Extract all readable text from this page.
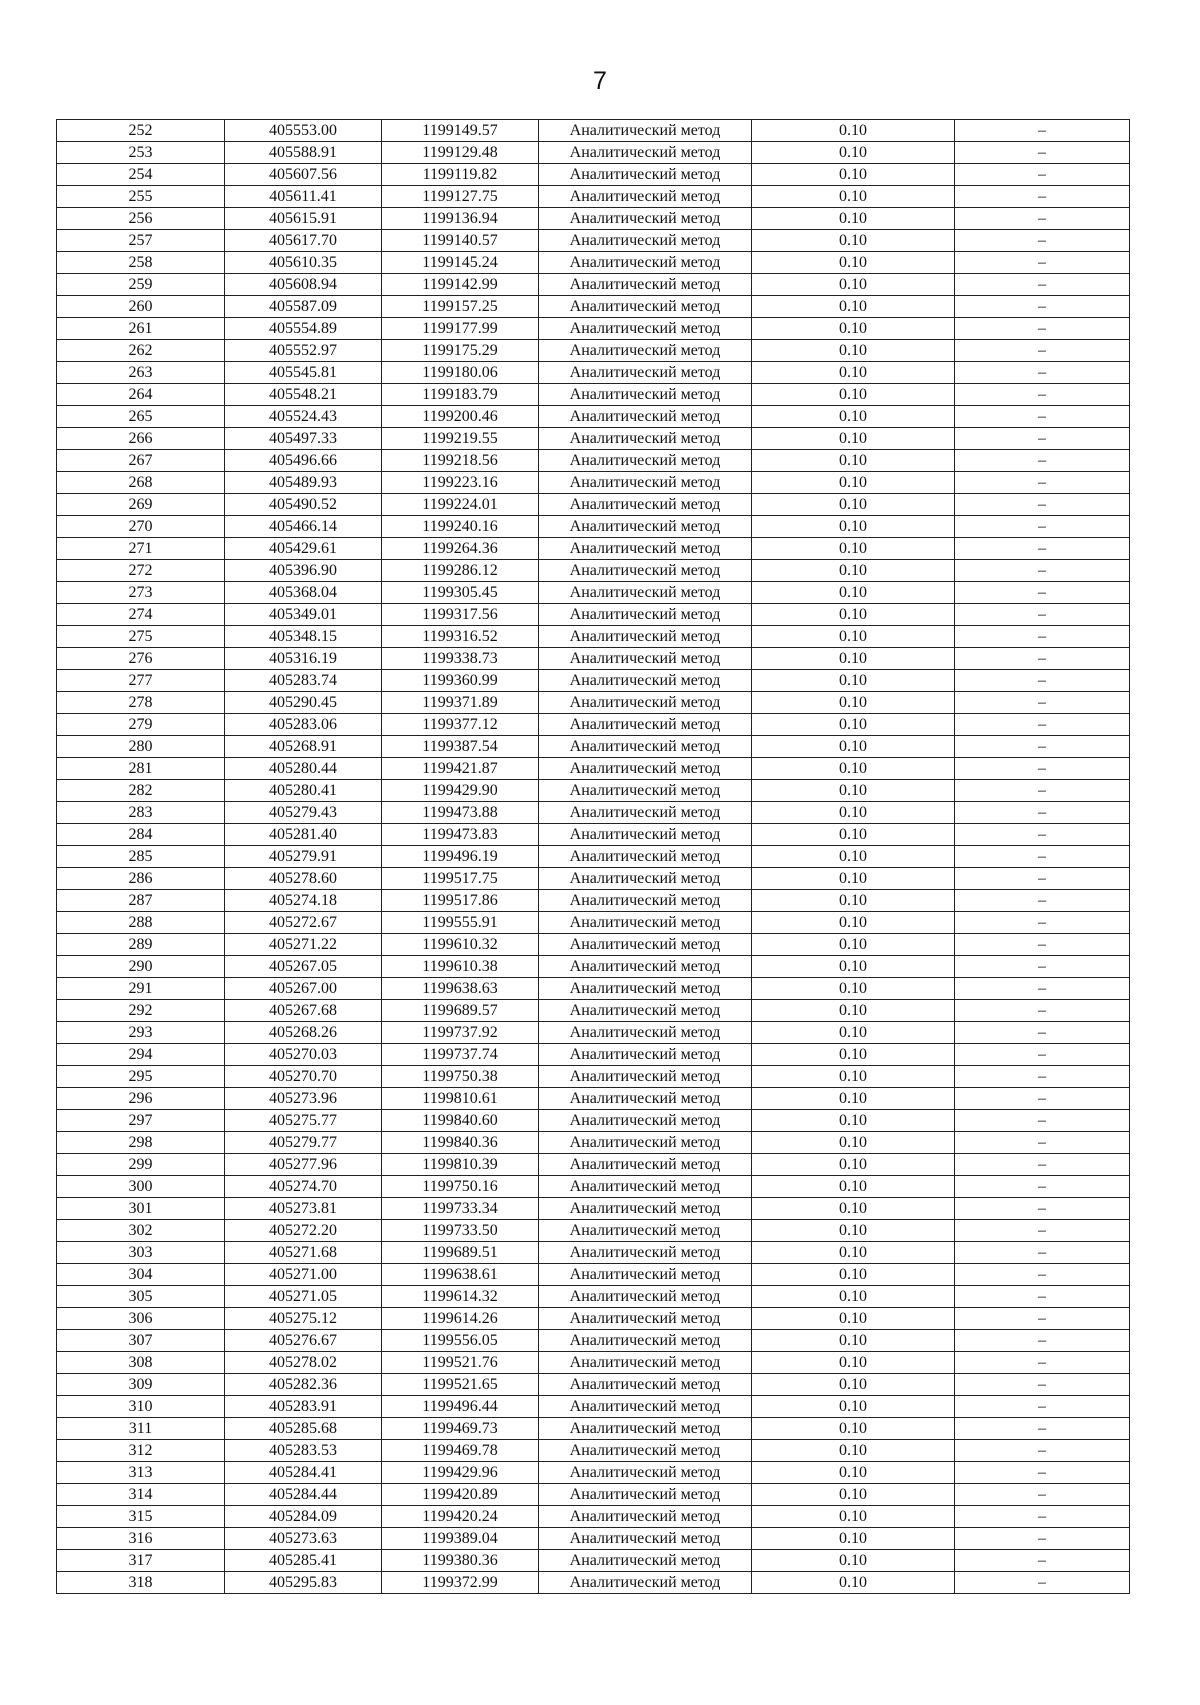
7
252	405553.00	1199149.57	Аналитический метод	0.10	–
253	405588.91	1199129.48	Аналитический метод	0.10	–
254	405607.56	1199119.82	Аналитический метод	0.10	–
255	405611.41	1199127.75	Аналитический метод	0.10	–
256	405615.91	1199136.94	Аналитический метод	0.10	–
257	405617.70	1199140.57	Аналитический метод	0.10	–
258	405610.35	1199145.24	Аналитический метод	0.10	–
259	405608.94	1199142.99	Аналитический метод	0.10	–
260	405587.09	1199157.25	Аналитический метод	0.10	–
261	405554.89	1199177.99	Аналитический метод	0.10	–
262	405552.97	1199175.29	Аналитический метод	0.10	–
263	405545.81	1199180.06	Аналитический метод	0.10	–
264	405548.21	1199183.79	Аналитический метод	0.10	–
265	405524.43	1199200.46	Аналитический метод	0.10	–
266	405497.33	1199219.55	Аналитический метод	0.10	–
267	405496.66	1199218.56	Аналитический метод	0.10	–
268	405489.93	1199223.16	Аналитический метод	0.10	–
269	405490.52	1199224.01	Аналитический метод	0.10	–
270	405466.14	1199240.16	Аналитический метод	0.10	–
271	405429.61	1199264.36	Аналитический метод	0.10	–
272	405396.90	1199286.12	Аналитический метод	0.10	–
273	405368.04	1199305.45	Аналитический метод	0.10	–
274	405349.01	1199317.56	Аналитический метод	0.10	–
275	405348.15	1199316.52	Аналитический метод	0.10	–
276	405316.19	1199338.73	Аналитический метод	0.10	–
277	405283.74	1199360.99	Аналитический метод	0.10	–
278	405290.45	1199371.89	Аналитический метод	0.10	–
279	405283.06	1199377.12	Аналитический метод	0.10	–
280	405268.91	1199387.54	Аналитический метод	0.10	–
281	405280.44	1199421.87	Аналитический метод	0.10	–
282	405280.41	1199429.90	Аналитический метод	0.10	–
283	405279.43	1199473.88	Аналитический метод	0.10	–
284	405281.40	1199473.83	Аналитический метод	0.10	–
285	405279.91	1199496.19	Аналитический метод	0.10	–
286	405278.60	1199517.75	Аналитический метод	0.10	–
287	405274.18	1199517.86	Аналитический метод	0.10	–
288	405272.67	1199555.91	Аналитический метод	0.10	–
289	405271.22	1199610.32	Аналитический метод	0.10	–
290	405267.05	1199610.38	Аналитический метод	0.10	–
291	405267.00	1199638.63	Аналитический метод	0.10	–
292	405267.68	1199689.57	Аналитический метод	0.10	–
293	405268.26	1199737.92	Аналитический метод	0.10	–
294	405270.03	1199737.74	Аналитический метод	0.10	–
295	405270.70	1199750.38	Аналитический метод	0.10	–
296	405273.96	1199810.61	Аналитический метод	0.10	–
297	405275.77	1199840.60	Аналитический метод	0.10	–
298	405279.77	1199840.36	Аналитический метод	0.10	–
299	405277.96	1199810.39	Аналитический метод	0.10	–
300	405274.70	1199750.16	Аналитический метод	0.10	–
301	405273.81	1199733.34	Аналитический метод	0.10	–
302	405272.20	1199733.50	Аналитический метод	0.10	–
303	405271.68	1199689.51	Аналитический метод	0.10	–
304	405271.00	1199638.61	Аналитический метод	0.10	–
305	405271.05	1199614.32	Аналитический метод	0.10	–
306	405275.12	1199614.26	Аналитический метод	0.10	–
307	405276.67	1199556.05	Аналитический метод	0.10	–
308	405278.02	1199521.76	Аналитический метод	0.10	–
309	405282.36	1199521.65	Аналитический метод	0.10	–
310	405283.91	1199496.44	Аналитический метод	0.10	–
311	405285.68	1199469.73	Аналитический метод	0.10	–
312	405283.53	1199469.78	Аналитический метод	0.10	–
313	405284.41	1199429.96	Аналитический метод	0.10	–
314	405284.44	1199420.89	Аналитический метод	0.10	–
315	405284.09	1199420.24	Аналитический метод	0.10	–
316	405273.63	1199389.04	Аналитический метод	0.10	–
317	405285.41	1199380.36	Аналитический метод	0.10	–
318	405295.83	1199372.99	Аналитический метод	0.10	–
